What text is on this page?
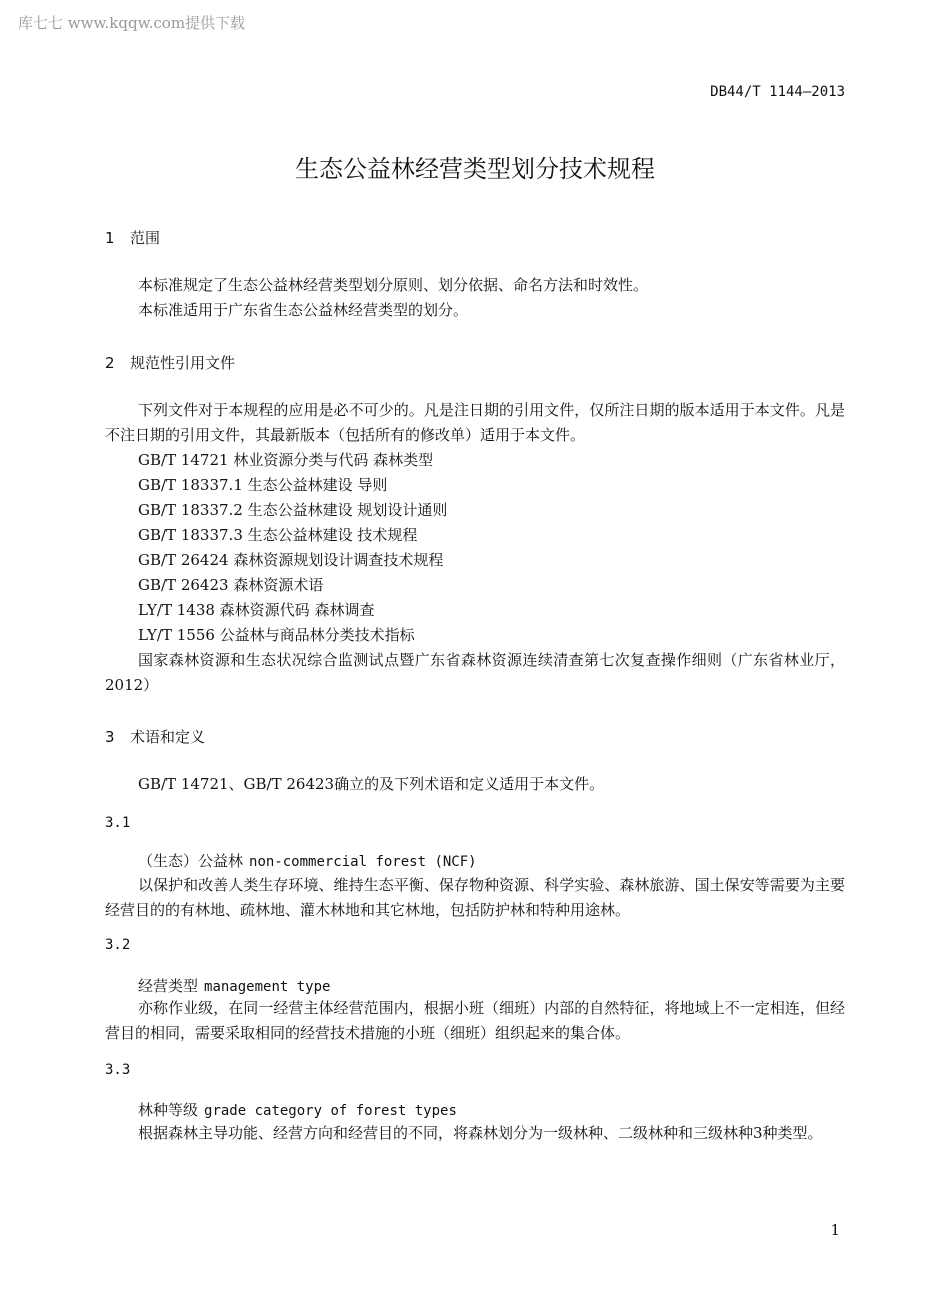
库七七 www.kqqw.com提供下载
DB44/T 1144—2013
生态公益林经营类型划分技术规程
1 范围
本标准规定了生态公益林经营类型划分原则、划分依据、命名方法和时效性。
本标准适用于广东省生态公益林经营类型的划分。
2 规范性引用文件
下列文件对于本规程的应用是必不可少的。凡是注日期的引用文件，仅所注日期的版本适用于本文件。凡是不注日期的引用文件，其最新版本（包括所有的修改单）适用于本文件。
GB/T 14721 林业资源分类与代码 森林类型
GB/T 18337.1 生态公益林建设 导则
GB/T 18337.2 生态公益林建设 规划设计通则
GB/T 18337.3 生态公益林建设 技术规程
GB/T 26424 森林资源规划设计调查技术规程
GB/T 26423 森林资源术语
LY/T 1438 森林资源代码 森林调查
LY/T 1556 公益林与商品林分类技术指标
国家森林资源和生态状况综合监测试点暨广东省森林资源连续清查第七次复查操作细则（广东省林业厅，2012）
3 术语和定义
GB/T 14721、GB/T 26423确立的及下列术语和定义适用于本文件。
3.1
（生态）公益林 non-commercial forest (NCF)
以保护和改善人类生存环境、维持生态平衡、保存物种资源、科学实验、森林旅游、国土保安等需要为主要经营目的的有林地、疏林地、灌木林地和其它林地，包括防护林和特种用途林。
3.2
经营类型 management type
亦称作业级，在同一经营主体经营范围内，根据小班（细班）内部的自然特征，将地域上不一定相连，但经营目的相同，需要采取相同的经营技术措施的小班（细班）组织起来的集合体。
3.3
林种等级 grade category of forest types
根据森林主导功能、经营方向和经营目的不同，将森林划分为一级林种、二级林种和三级林种3种类型。
1
